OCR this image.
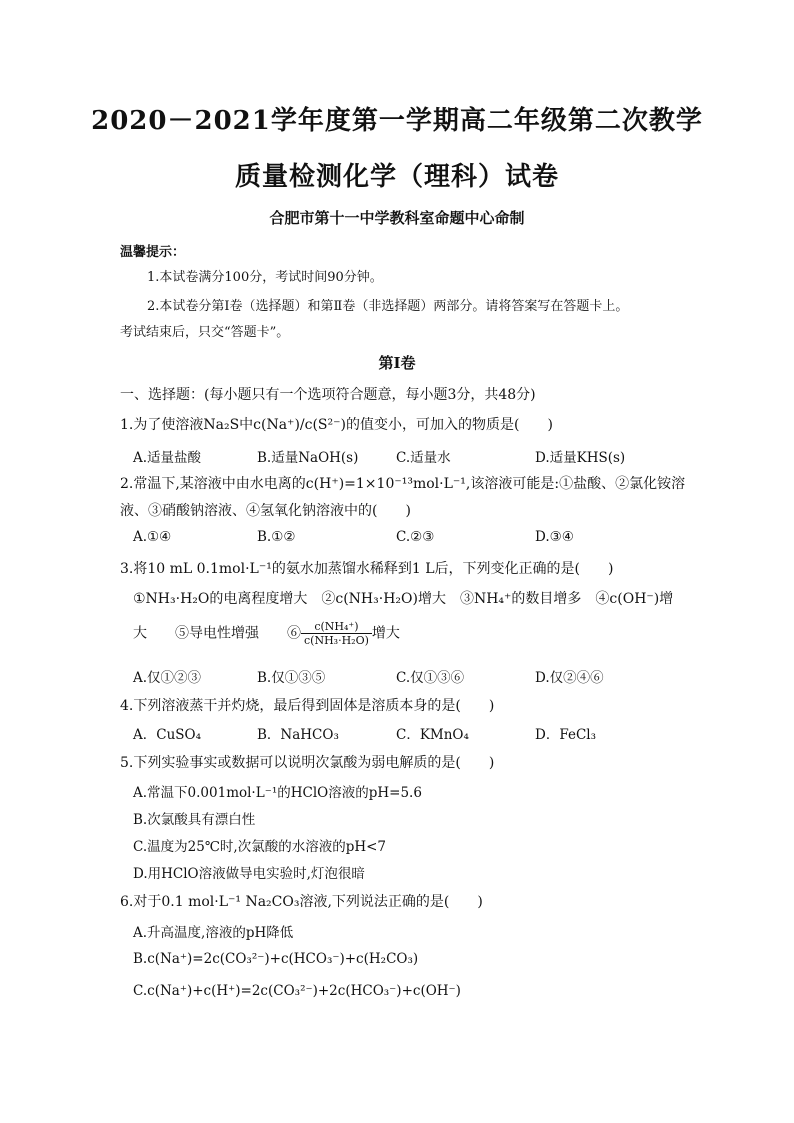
2020－2021学年度第一学期高二年级第二次教学
质量检测化学（理科）试卷
合肥市第十一中学教科室命题中心命制
温馨提示：
1.本试卷满分100分，考试时间90分钟。
2.本试卷分第Ⅰ卷（选择题）和第Ⅱ卷（非选择题）两部分。请将答案写在答题卡上。
考试结束后，只交“答题卡”。
第Ⅰ卷
一、选择题：(每小题只有一个选项符合题意，每小题3分，共48分)
1.为了使溶液Na₂S中c(Na⁺)/c(S²⁻)的值变小，可加入的物质是(　　)
A.适量盐酸	B.适量NaOH(s)	C.适量水	D.适量KHS(s)
2.常温下,某溶液中由水电离的c(H⁺)=1×10⁻¹³mol·L⁻¹,该溶液可能是:①盐酸、②氯化铵溶
液、③硝酸钠溶液、④氢氧化钠溶液中的(　　)
A.①④	B.①②	C.②③	D.③④
3.将10 mL 0.1mol·L⁻¹的氨水加蒸馏水稀释到1 L后，下列变化正确的是(　　)
①NH₃·H₂O的电离程度增大　②c(NH₃·H₂O)增大　③NH₄⁺的数目增多　④c(OH⁻)增
大　　⑤导电性增强　　⑥ $\frac{\text{c(NH₄⁺)}}{\text{c(NH₃·H₂O)}}$ 增大
A.仅①②③	B.仅①③⑤	C.仅①③⑥	D.仅②④⑥
4.下列溶液蒸干并灼烧，最后得到固体是溶质本身的是(　　)
A．CuSO₄	B．NaHCO₃	C．KMnO₄	D．FeCl₃
5.下列实验事实或数据可以说明次氯酸为弱电解质的是(　　)
A.常温下0.001mol·L⁻¹的HClO溶液的pH=5.6
B.次氯酸具有漂白性
C.温度为25℃时,次氯酸的水溶液的pH<7
D.用HClO溶液做导电实验时,灯泡很暗
6.对于0.1 mol·L⁻¹ Na₂CO₃溶液,下列说法正确的是(　　)
A.升高温度,溶液的pH降低
B.c(Na⁺)=2c(CO₃²⁻)+c(HCO₃⁻)+c(H₂CO₃)
C.c(Na⁺)+c(H⁺)=2c(CO₃²⁻)+2c(HCO₃⁻)+c(OH⁻)
